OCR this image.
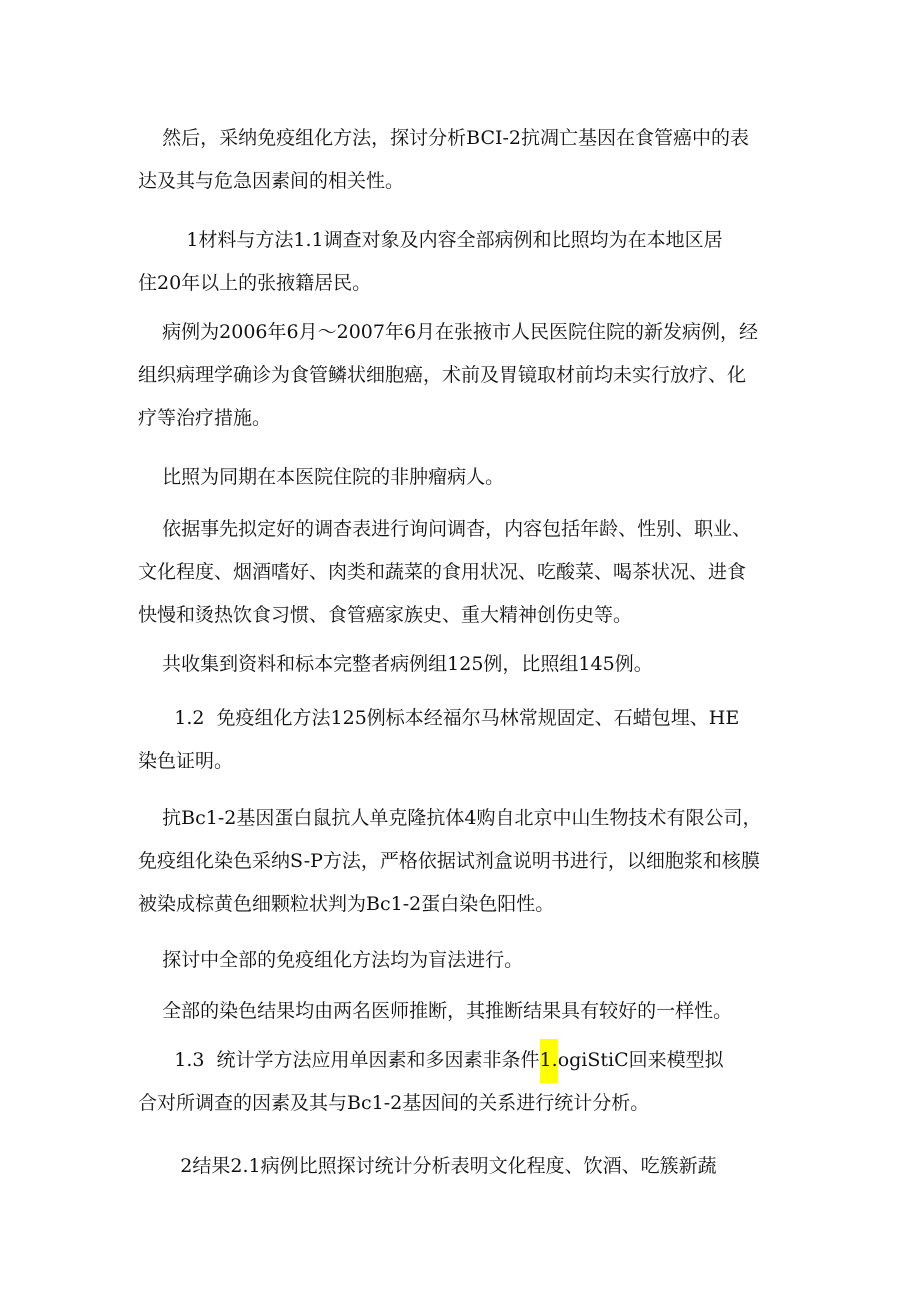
然后，采纳免疫组化方法，探讨分析BCI-2抗凋亡基因在食管癌中的表
达及其与危急因素间的相关性。

1材料与方法1.1调查对象及内容全部病例和比照均为在本地区居
住20年以上的张掖籍居民。

病例为2006年6月～2007年6月在张掖市人民医院住院的新发病例，经
组织病理学确诊为食管鳞状细胞癌，术前及胃镜取材前均未实行放疗、化
疗等治疗措施。

比照为同期在本医院住院的非肿瘤病人。

依据事先拟定好的调杳表进行询问调杳，内容包括年龄、性别、职业、
文化程度、烟酒嗜好、肉类和蔬菜的食用状况、吃酸菜、喝茶状况、进食
快慢和烫热饮食习惯、食管癌家族史、重大精神创伤史等。

共收集到资料和标本完整者病例组125例，比照组145例。

1.2  免疫组化方法125例标本经福尔马林常规固定、石蜡包埋、HE
染色证明。

抗Bc1-2基因蛋白鼠抗人单克隆抗体4购自北京中山生物技术有限公司，
免疫组化染色采纳S-P方法，严格依据试剂盒说明书进行，以细胞浆和核膜
被染成棕黄色细颗粒状判为Bc1-2蛋白染色阳性。

探讨中全部的免疫组化方法均为盲法进行。

全部的染色结果均由两名医师推断，其推断结果具有较好的一样性。

1.3  统计学方法应用单因素和多因素非条件1.ogiStiC回来模型拟
合对所调查的因素及其与Bc1-2基因间的关系进行统计分析。

2结果2.1病例比照探讨统计分析表明文化程度、饮酒、吃簇新蔬
